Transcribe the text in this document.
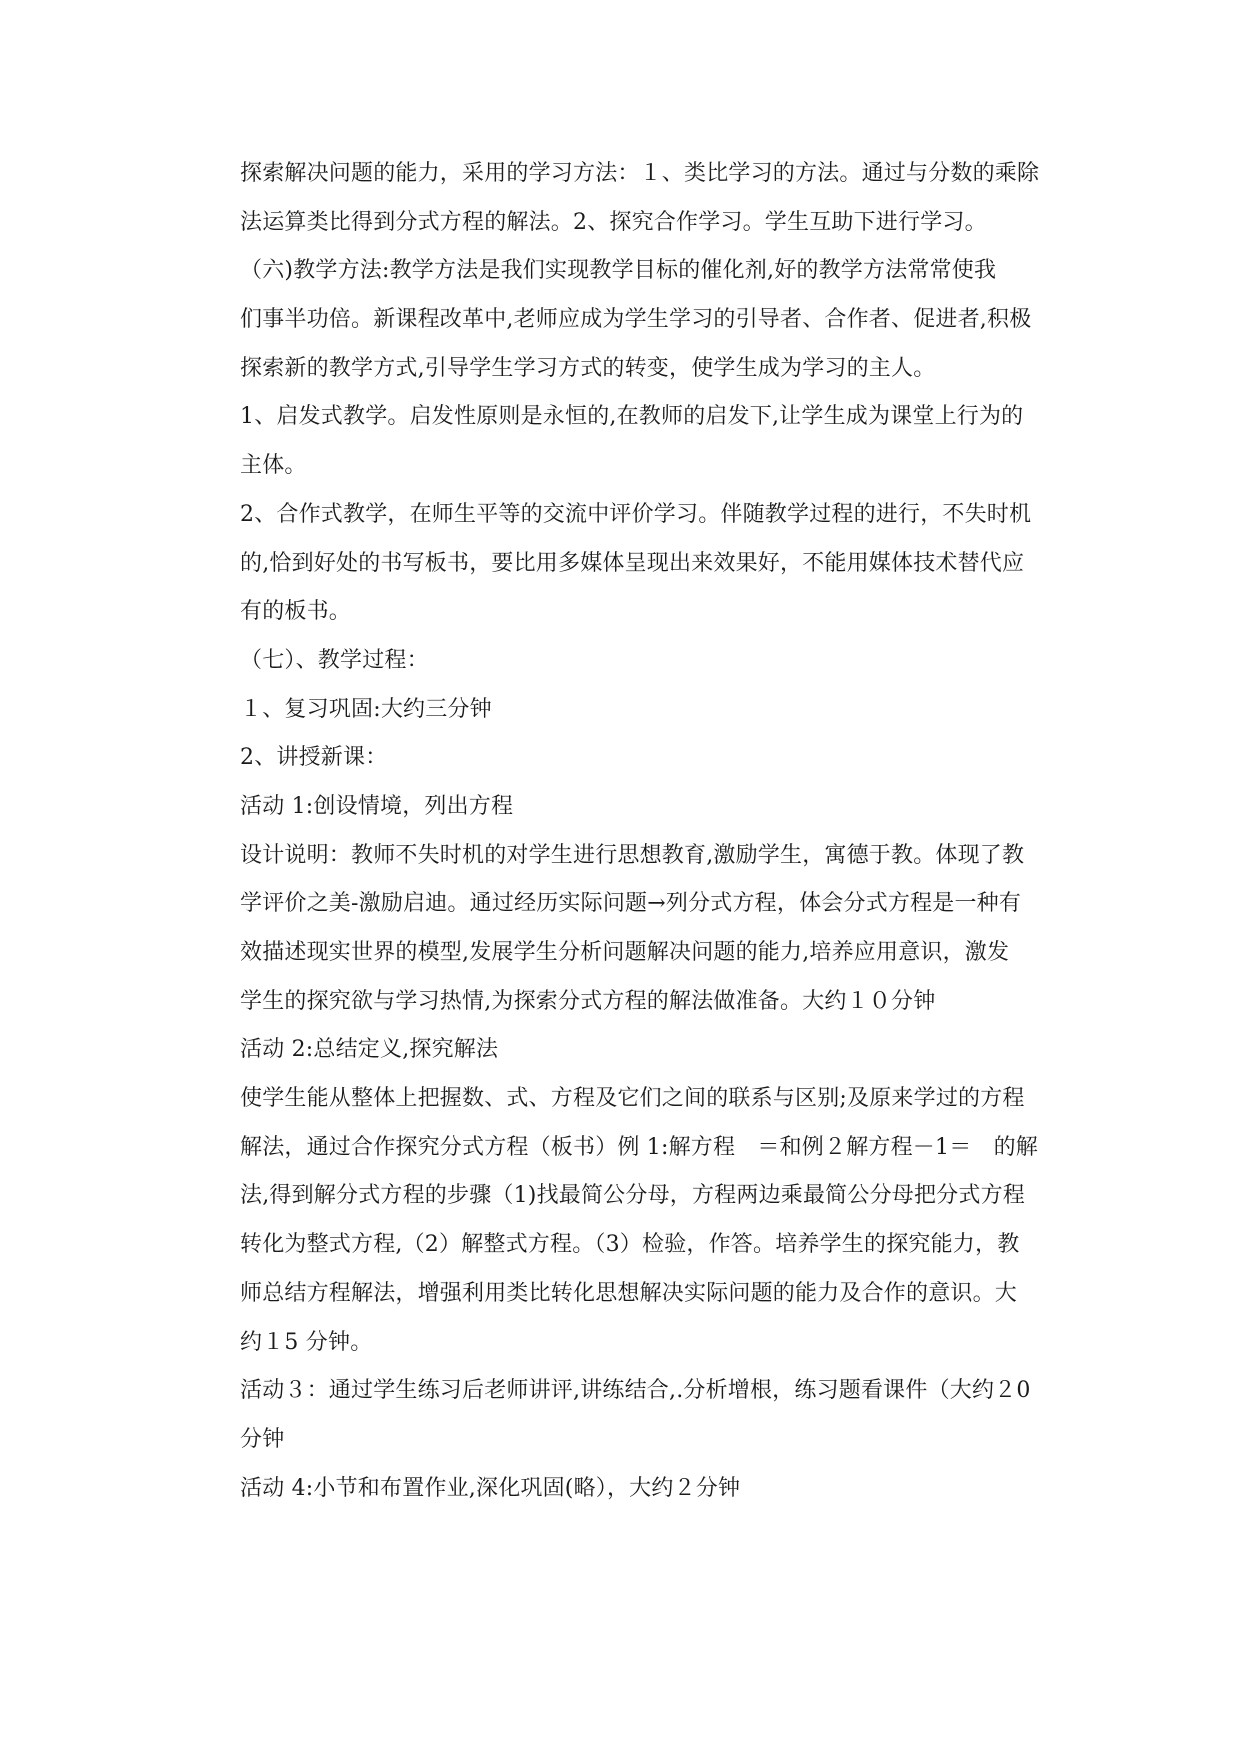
探索解决问题的能力，采用的学习方法：１、类比学习的方法。通过与分数的乘除
法运算类比得到分式方程的解法。2、探究合作学习。学生互助下进行学习。
（六)教学方法:教学方法是我们实现教学目标的催化剂,好的教学方法常常使我
们事半功倍。新课程改革中,老师应成为学生学习的引导者、合作者、促进者,积极
探索新的教学方式,引导学生学习方式的转变，使学生成为学习的主人。
1、启发式教学。启发性原则是永恒的,在教师的启发下,让学生成为课堂上行为的
主体。
2、合作式教学，在师生平等的交流中评价学习。伴随教学过程的进行，不失时机
的,恰到好处的书写板书，要比用多媒体呈现出来效果好，不能用媒体技术替代应
有的板书。
（七）、教学过程：
１、复习巩固:大约三分钟
2、讲授新课：
活动 1:创设情境，列出方程
设计说明：教师不失时机的对学生进行思想教育,激励学生，寓德于教。体现了教
学评价之美-激励启迪。通过经历实际问题→列分式方程，体会分式方程是一种有
效描述现实世界的模型,发展学生分析问题解决问题的能力,培养应用意识，激发
学生的探究欲与学习热情,为探索分式方程的解法做准备。大约１０分钟
活动 2:总结定义,探究解法
使学生能从整体上把握数、式、方程及它们之间的联系与区别;及原来学过的方程
解法，通过合作探究分式方程（板书）例 1:解方程　＝和例２解方程－1＝　的解
法,得到解分式方程的步骤（1)找最简公分母，方程两边乘最简公分母把分式方程
转化为整式方程,（2）解整式方程。（3）检验，作答。培养学生的探究能力，教
师总结方程解法，增强利用类比转化思想解决实际问题的能力及合作的意识。大
约１5 分钟。
活动３：通过学生练习后老师讲评,讲练结合,.分析增根，练习题看课件（大约２0
分钟
活动 4:小节和布置作业,深化巩固(略），大约２分钟
